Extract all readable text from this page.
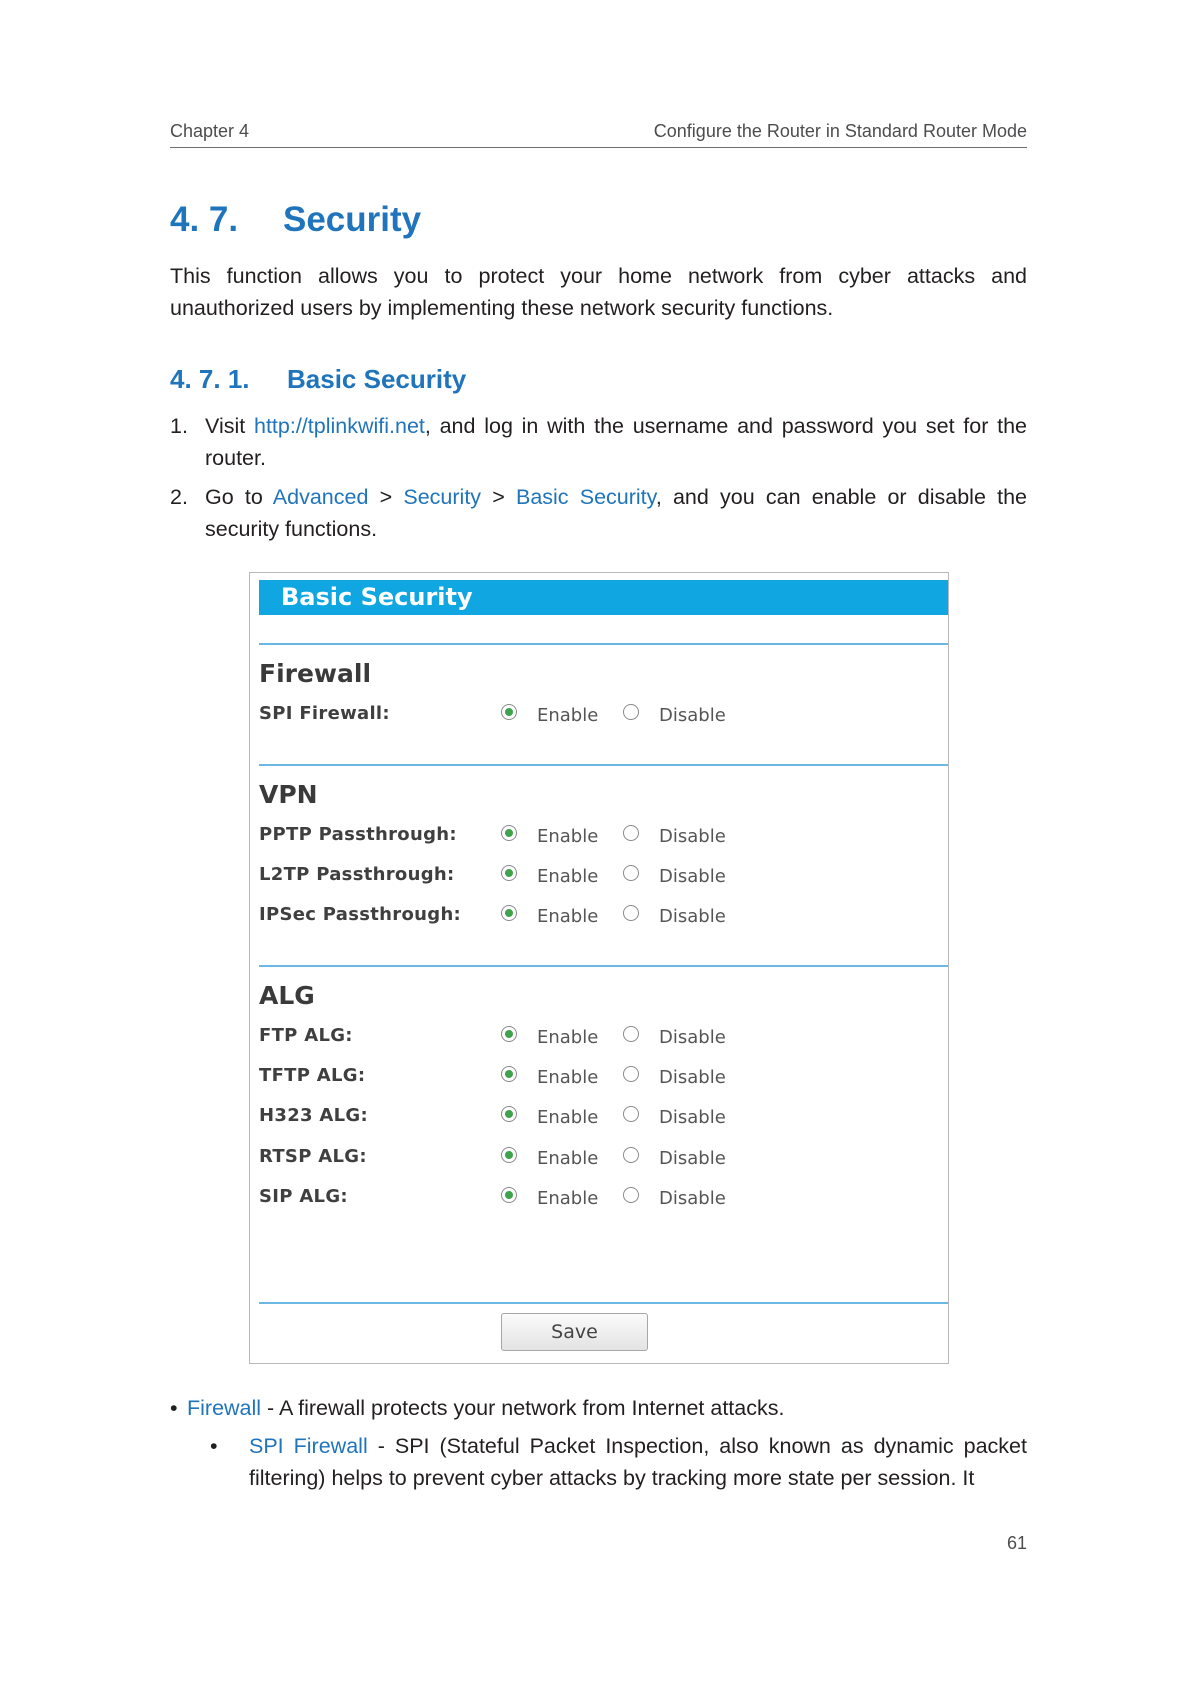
Chapter 4	Configure the Router in Standard Router Mode
4. 7. Security
This function allows you to protect your home network from cyber attacks and unauthorized users by implementing these network security functions.
4. 7. 1. Basic Security
1. Visit http://tplinkwifi.net, and log in with the username and password you set for the router.
2. Go to Advanced > Security > Basic Security, and you can enable or disable the security functions.
Basic Security
Firewall
SPI Firewall:	Enable	Disable
VPN
PPTP Passthrough:	Enable	Disable
L2TP Passthrough:	Enable	Disable
IPSec Passthrough:	Enable	Disable
ALG
FTP ALG:	Enable	Disable
TFTP ALG:	Enable	Disable
H323 ALG:	Enable	Disable
RTSP ALG:	Enable	Disable
SIP ALG:	Enable	Disable
Save
• Firewall - A firewall protects your network from Internet attacks.
• SPI Firewall - SPI (Stateful Packet Inspection, also known as dynamic packet filtering) helps to prevent cyber attacks by tracking more state per session. It
61
